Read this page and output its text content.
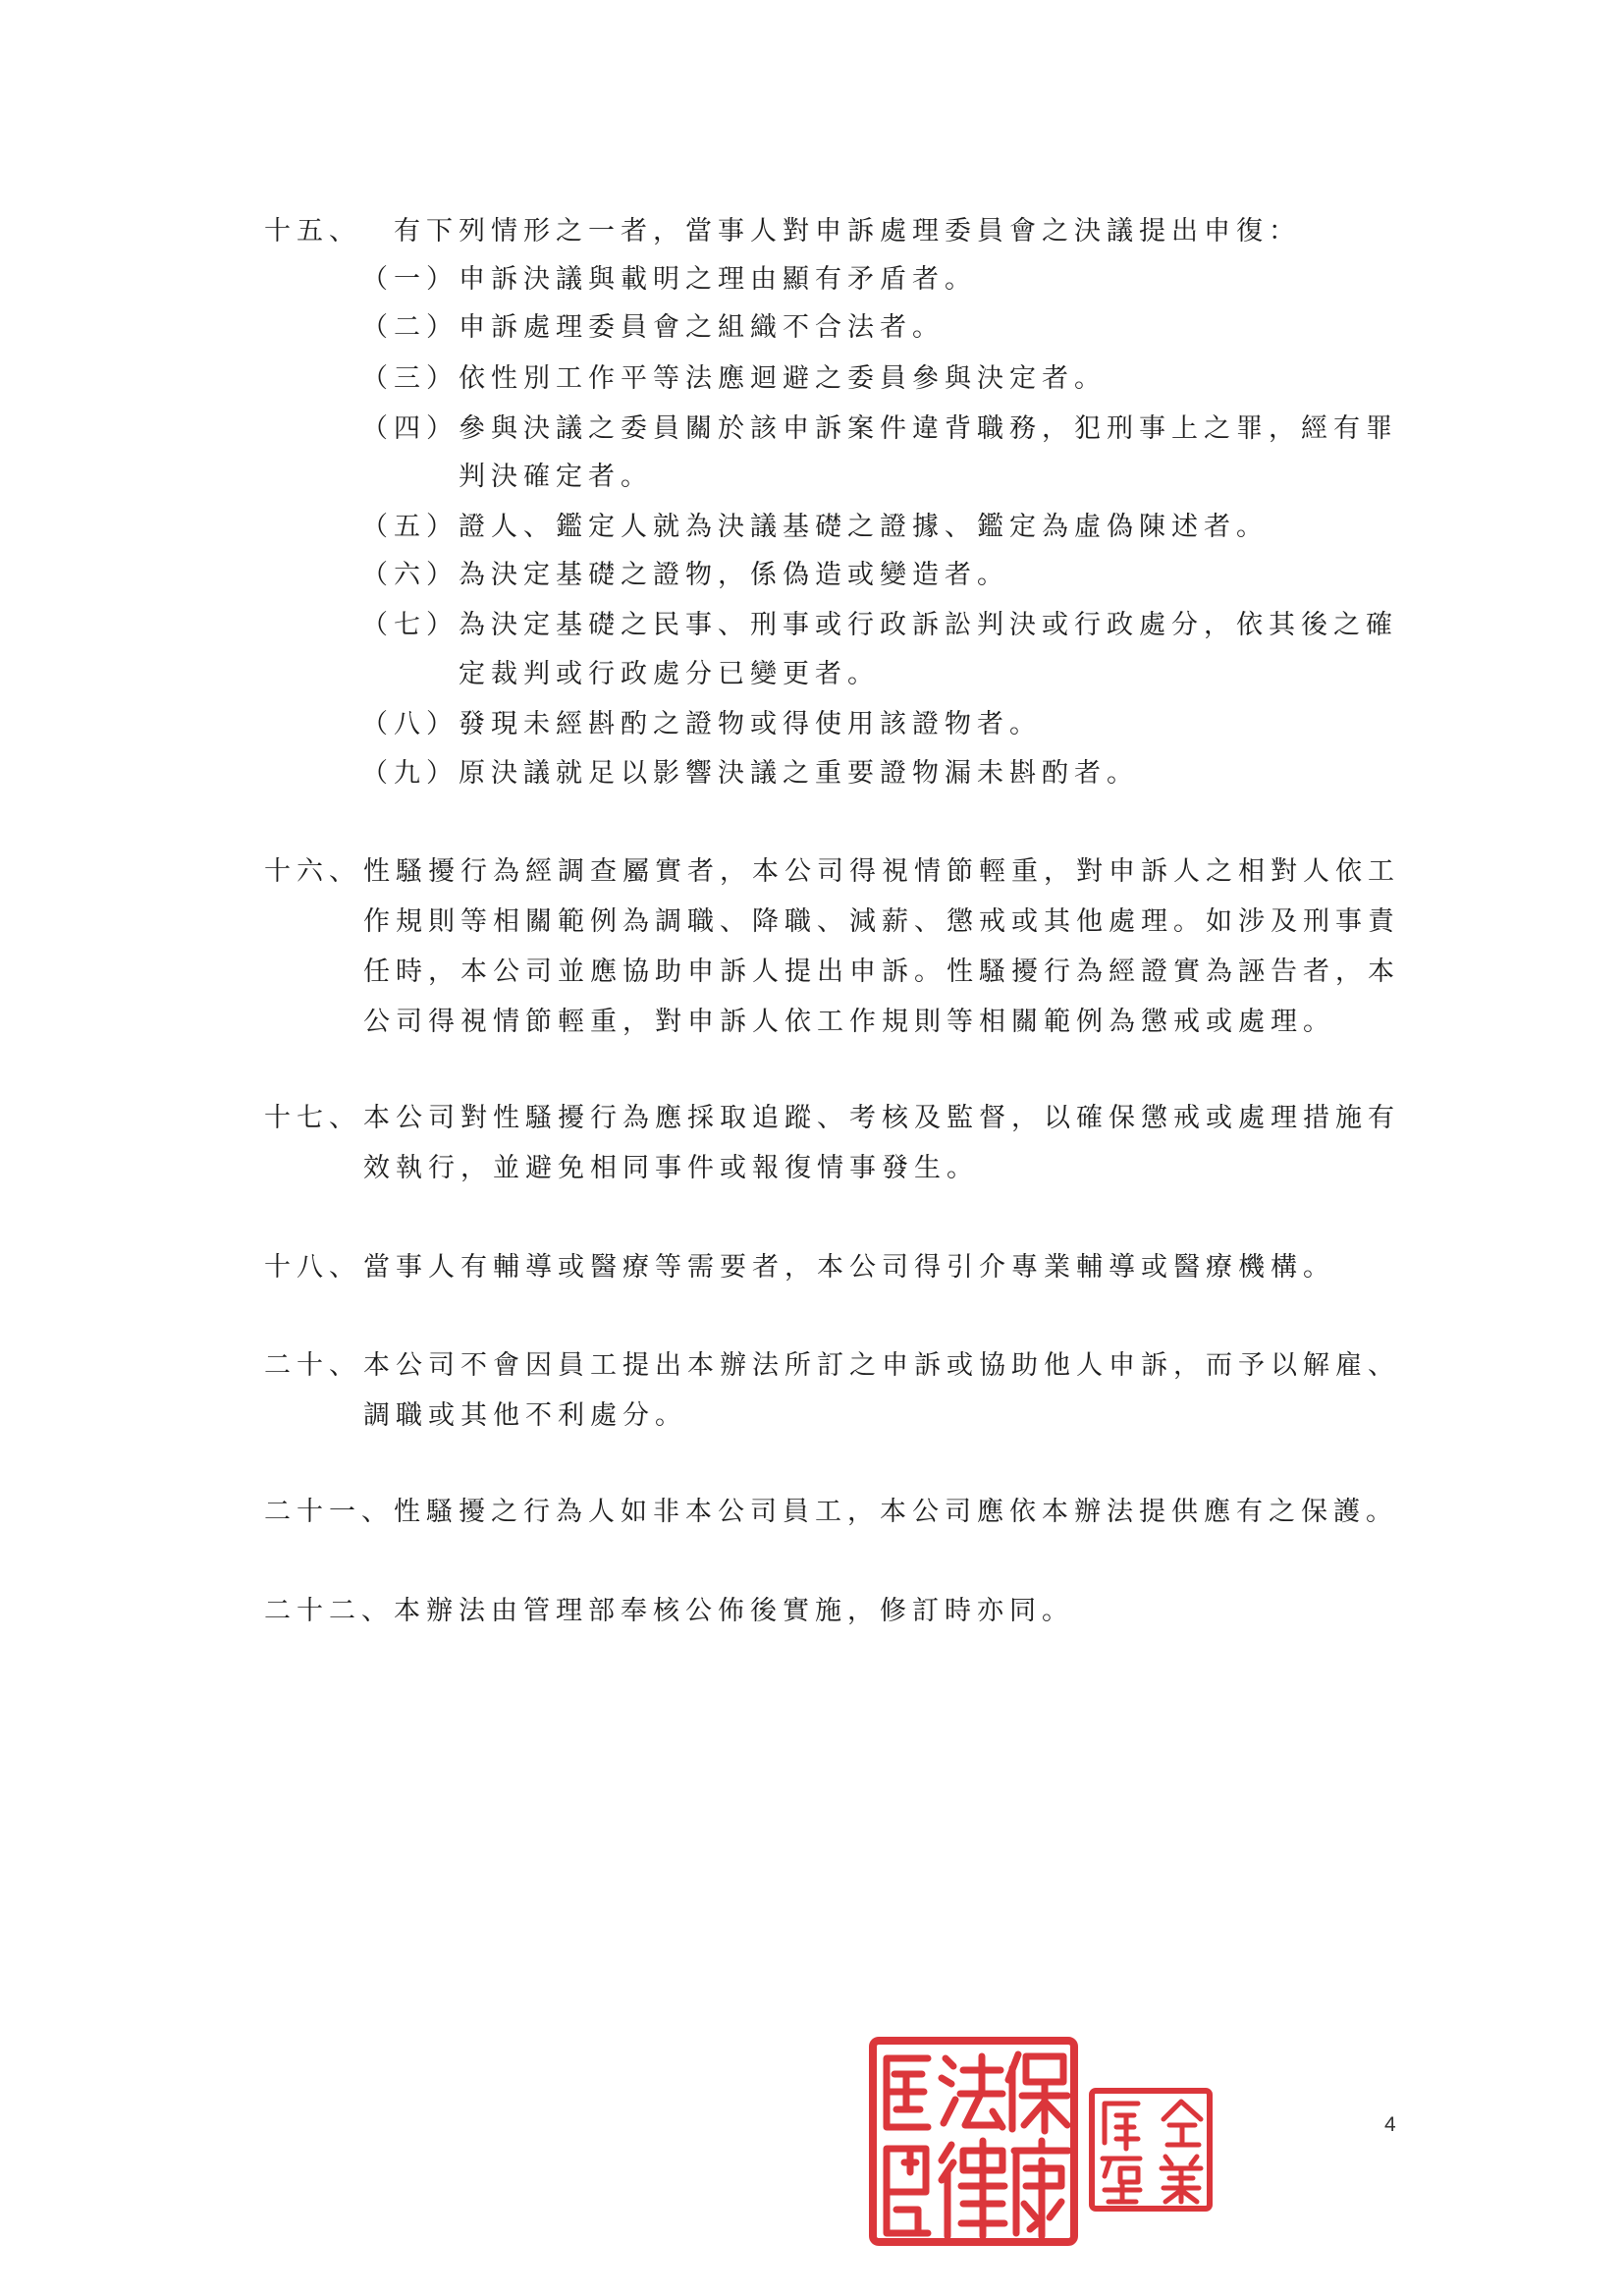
十五、 有下列情形之一者，當事人對申訴處理委員會之決議提出申復：
（一） 申訴決議與載明之理由顯有矛盾者。
（二） 申訴處理委員會之組織不合法者。
（三） 依性別工作平等法應迴避之委員參與決定者。
（四） 參與決議之委員關於該申訴案件違背職務，犯刑事上之罪，經有罪
判決確定者。
（五） 證人、鑑定人就為決議基礎之證據、鑑定為虛偽陳述者。
（六） 為決定基礎之證物，係偽造或變造者。
（七） 為決定基礎之民事、刑事或行政訴訟判決或行政處分，依其後之確
定裁判或行政處分已變更者。
（八） 發現未經斟酌之證物或得使用該證物者。
（九） 原決議就足以影響決議之重要證物漏未斟酌者。
十六、 性騷擾行為經調查屬實者，本公司得視情節輕重，對申訴人之相對人依工
作規則等相關範例為調職、降職、減薪、懲戒或其他處理。如涉及刑事責
任時，本公司並應協助申訴人提出申訴。性騷擾行為經證實為誣告者，本
公司得視情節輕重，對申訴人依工作規則等相關範例為懲戒或處理。
十七、 本公司對性騷擾行為應採取追蹤、考核及監督，以確保懲戒或處理措施有
效執行，並避免相同事件或報復情事發生。
十八、 當事人有輔導或醫療等需要者，本公司得引介專業輔導或醫療機構。
二十、 本公司不會因員工提出本辦法所訂之申訴或協助他人申訴，而予以解雇、
調職或其他不利處分。
二十一、 性騷擾之行為人如非本公司員工，本公司應依本辦法提供應有之保護。
二十二、 本辦法由管理部奉核公佈後實施，修訂時亦同。
4
